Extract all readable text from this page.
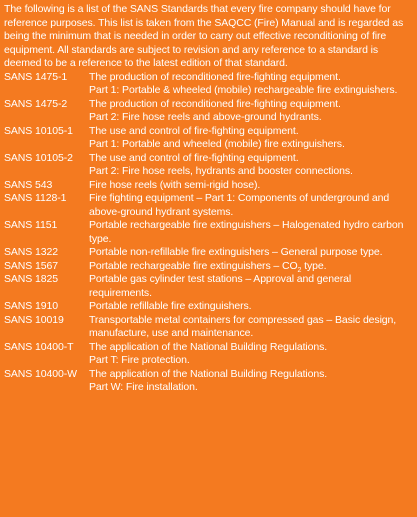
The following is a list of the SANS Standards that every fire company should have for reference purposes. This list is taken from the SAQCC (Fire) Manual and is regarded as being the minimum that is needed in order to carry out effective reconditioning of fire equipment. All standards are subject to revision and any reference to a standard is deemed to be a reference to the latest edition of that standard.

SANS 1475-1	The production of reconditioned fire-fighting equipment.
Part 1: Portable & wheeled (mobile) rechargeable fire extinguishers.
SANS 1475-2	The production of reconditioned fire-fighting equipment.
Part 2: Fire hose reels and above-ground hydrants.
SANS 10105-1	The use and control of fire-fighting equipment.
Part 1: Portable and wheeled (mobile) fire extinguishers.
SANS 10105-2	The use and control of fire-fighting equipment.
Part 2: Fire hose reels, hydrants and booster connections.
SANS 543	Fire hose reels (with semi-rigid hose).
SANS 1128-1	Fire fighting equipment – Part 1: Components of underground and above-ground hydrant systems.
SANS 1151	Portable rechargeable fire extinguishers – Halogenated hydro carbon type.
SANS 1322	Portable non-refillable fire extinguishers – General purpose type.
SANS 1567	Portable rechargeable fire extinguishers – $CO_2$ type.
SANS 1825	Portable gas cylinder test stations – Approval and general requirements.
SANS 1910	Portable refillable fire extinguishers.
SANS 10019	Transportable metal containers for compressed gas – Basic design, manufacture, use and maintenance.
SANS 10400-T	The application of the National Building Regulations.
Part T: Fire protection.
SANS 10400-W	The application of the National Building Regulations.
Part W: Fire installation.
